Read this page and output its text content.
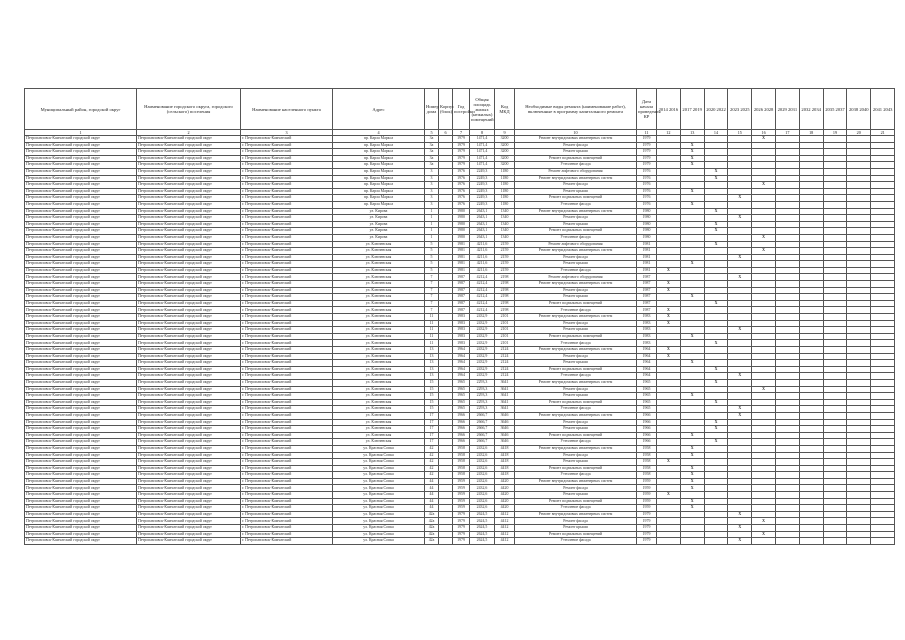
Муниципальный район, городской округ	Наименование городского округа, городского (сельского) поселения	Наименование населенного пункта	Адрес	Номер дома	Корпус (блок)	Год постройки	Общая площадь жилых (нежилых) помещений	Код МКД	Необходимые виды ремонта (наименование работ), включенные в программу капитального ремонта	Дата начала проведения КР	2014 2016	2017 2019	2020 2022	2023 2025	2026 2028	2029 2031	2032 2034	2035 2037	2038 2040	2041 2043
1	2	3	4	5	6	7	8	9	10	11	12	13	14	15	16	17	18	19	20	21
Петропавловск-Камчатский городской округ	Петропавловск-Камчатский городской округ	г. Петропавловск-Камчатский	пр. Карла Маркса	3а		1979	1471,4	3200	Ремонт внутридомовых инженерных систем	1979					X					
Петропавловск-Камчатский городской округ	Петропавловск-Камчатский городской округ	г. Петропавловск-Камчатский	пр. Карла Маркса	3а		1979	1471,4	3200	Ремонт фасада	1979		X								
Петропавловск-Камчатский городской округ	Петропавловск-Камчатский городской округ	г. Петропавловск-Камчатский	пр. Карла Маркса	3а		1979	1471,4	3200	Ремонт крыши	1979		X								
Петропавловск-Камчатский городской округ	Петропавловск-Камчатский городской округ	г. Петропавловск-Камчатский	пр. Карла Маркса	3а		1979	1471,4	3200	Ремонт подвальных помещений	1979		X								
Петропавловск-Камчатский городской округ	Петропавловск-Камчатский городской округ	г. Петропавловск-Камчатский	пр. Карла Маркса	3а		1979	1471,4	3200	Утепление фасада	1979		X								
Петропавловск-Камчатский городской округ	Петропавловск-Камчатский городской округ	г. Петропавловск-Камчатский	пр. Карла Маркса	3		1976	2249,3	1180	Ремонт лифтового оборудования	1976			X							
Петропавловск-Камчатский городской округ	Петропавловск-Камчатский городской округ	г. Петропавловск-Камчатский	пр. Карла Маркса	3		1976	2249,3	1180	Ремонт внутридомовых инженерных систем	1976			X							
Петропавловск-Камчатский городской округ	Петропавловск-Камчатский городской округ	г. Петропавловск-Камчатский	пр. Карла Маркса	3		1976	2249,3	1180	Ремонт фасада	1976					X					
Петропавловск-Камчатский городской округ	Петропавловск-Камчатский городской округ	г. Петропавловск-Камчатский	пр. Карла Маркса	3		1976	2249,3	1180	Ремонт крыши	1976		X								
Петропавловск-Камчатский городской округ	Петропавловск-Камчатский городской округ	г. Петропавловск-Камчатский	пр. Карла Маркса	3		1976	2249,3	1180	Ремонт подвальных помещений	1976				X						
Петропавловск-Камчатский городской округ	Петропавловск-Камчатский городской округ	г. Петропавловск-Камчатский	пр. Карла Маркса	3		1976	2249,3	1180	Утепление фасада	1976		X								
Петропавловск-Камчатский городской округ	Петропавловск-Камчатский городской округ	г. Петропавловск-Камчатский	ул. Кирова	1		1980	2643,1	1340	Ремонт внутридомовых инженерных систем	1980			X							
Петропавловск-Камчатский городской округ	Петропавловск-Камчатский городской округ	г. Петропавловск-Камчатский	ул. Кирова	1		1980	2643,1	1340	Ремонт фасада	1980				X						
Петропавловск-Камчатский городской округ	Петропавловск-Камчатский городской округ	г. Петропавловск-Камчатский	ул. Кирова	1		1980	2643,1	1340	Ремонт крыши	1980			X							
Петропавловск-Камчатский городской округ	Петропавловск-Камчатский городской округ	г. Петропавловск-Камчатский	ул. Кирова	1		1980	2643,1	1340	Ремонт подвальных помещений	1980			X							
Петропавловск-Камчатский городской округ	Петропавловск-Камчатский городской округ	г. Петропавловск-Камчатский	ул. Кирова	1		1980	2643,1	1340	Утепление фасада	1980					X					
Петропавловск-Камчатский городской округ	Петропавловск-Камчатский городской округ	г. Петропавловск-Камчатский	ул. Ключевская	5		1981	4211,6	2159	Ремонт лифтового оборудования	1981			X							
Петропавловск-Камчатский городской округ	Петропавловск-Камчатский городской округ	г. Петропавловск-Камчатский	ул. Ключевская	5		1981	4211,6	2159	Ремонт внутридомовых инженерных систем	1981					X					
Петропавловск-Камчатский городской округ	Петропавловск-Камчатский городской округ	г. Петропавловск-Камчатский	ул. Ключевская	5		1981	4211,6	2159	Ремонт фасада	1981				X						
Петропавловск-Камчатский городской округ	Петропавловск-Камчатский городской округ	г. Петропавловск-Камчатский	ул. Ключевская	5		1981	4211,6	2159	Ремонт крыши	1981		X								
Петропавловск-Камчатский городской округ	Петропавловск-Камчатский городской округ	г. Петропавловск-Камчатский	ул. Ключевская	5		1981	4211,6	2159	Утепление фасада	1981	X									
Петропавловск-Камчатский городской округ	Петропавловск-Камчатский городской округ	г. Петропавловск-Камчатский	ул. Ключевская	7		1987	4212,4	2198	Ремонт лифтового оборудования	1987				X						
Петропавловск-Камчатский городской округ	Петропавловск-Камчатский городской округ	г. Петропавловск-Камчатский	ул. Ключевская	7		1987	4212,4	2198	Ремонт внутридомовых инженерных систем	1987	X									
Петропавловск-Камчатский городской округ	Петропавловск-Камчатский городской округ	г. Петропавловск-Камчатский	ул. Ключевская	7		1987	4212,4	2198	Ремонт фасада	1987	X									
Петропавловск-Камчатский городской округ	Петропавловск-Камчатский городской округ	г. Петропавловск-Камчатский	ул. Ключевская	7		1987	4212,4	2198	Ремонт крыши	1987		X								
Петропавловск-Камчатский городской округ	Петропавловск-Камчатский городской округ	г. Петропавловск-Камчатский	ул. Ключевская	7		1987	4212,4	2198	Ремонт подвальных помещений	1987			X							
Петропавловск-Камчатский городской округ	Петропавловск-Камчатский городской округ	г. Петропавловск-Камчатский	ул. Ключевская	7		1987	4212,4	2198	Утепление фасада	1987	X									
Петропавловск-Камчатский городской округ	Петропавловск-Камчатский городской округ	г. Петропавловск-Камчатский	ул. Ключевская	11		1983	2432,9	2101	Ремонт внутридомовых инженерных систем	1983	X									
Петропавловск-Камчатский городской округ	Петропавловск-Камчатский городской округ	г. Петропавловск-Камчатский	ул. Ключевская	11		1983	2432,9	2101	Ремонт фасада	1983	X									
Петропавловск-Камчатский городской округ	Петропавловск-Камчатский городской округ	г. Петропавловск-Камчатский	ул. Ключевская	11		1983	2432,9	2101	Ремонт крыши	1983				X						
Петропавловск-Камчатский городской округ	Петропавловск-Камчатский городской округ	г. Петропавловск-Камчатский	ул. Ключевская	11		1983	2432,9	2101	Ремонт подвальных помещений	1983		X								
Петропавловск-Камчатский городской округ	Петропавловск-Камчатский городской округ	г. Петропавловск-Камчатский	ул. Ключевская	11		1983	2432,9	2101	Утепление фасада	1983			X							
Петропавловск-Камчатский городской округ	Петропавловск-Камчатский городской округ	г. Петропавловск-Камчатский	ул. Ключевская	13		1964	2432,9	2124	Ремонт внутридомовых инженерных систем	1964	X									
Петропавловск-Камчатский городской округ	Петропавловск-Камчатский городской округ	г. Петропавловск-Камчатский	ул. Ключевская	13		1964	2432,9	2124	Ремонт фасада	1964	X									
Петропавловск-Камчатский городской округ	Петропавловск-Камчатский городской округ	г. Петропавловск-Камчатский	ул. Ключевская	13		1964	2432,9	2124	Ремонт крыши	1964		X								
Петропавловск-Камчатский городской округ	Петропавловск-Камчатский городской округ	г. Петропавловск-Камчатский	ул. Ключевская	13		1964	2432,9	2124	Ремонт подвальных помещений	1964			X							
Петропавловск-Камчатский городской округ	Петропавловск-Камчатский городской округ	г. Петропавловск-Камчатский	ул. Ключевская	13		1964	2432,9	2124	Утепление фасада	1964				X						
Петропавловск-Камчатский городской округ	Петропавловск-Камчатский городской округ	г. Петропавловск-Камчатский	ул. Ключевская	15		1965	2293,3	3641	Ремонт внутридомовых инженерных систем	1965			X							
Петропавловск-Камчатский городской округ	Петропавловск-Камчатский городской округ	г. Петропавловск-Камчатский	ул. Ключевская	15		1965	2293,3	3641	Ремонт фасада	1965					X					
Петропавловск-Камчатский городской округ	Петропавловск-Камчатский городской округ	г. Петропавловск-Камчатский	ул. Ключевская	15		1965	2293,3	3641	Ремонт крыши	1965		X								
Петропавловск-Камчатский городской округ	Петропавловск-Камчатский городской округ	г. Петропавловск-Камчатский	ул. Ключевская	15		1965	2293,3	3641	Ремонт подвальных помещений	1965			X							
Петропавловск-Камчатский городской округ	Петропавловск-Камчатский городской округ	г. Петропавловск-Камчатский	ул. Ключевская	15		1965	2293,3	3641	Утепление фасада	1965				X						
Петропавловск-Камчатский городской округ	Петропавловск-Камчатский городской округ	г. Петропавловск-Камчатский	ул. Ключевская	17		1966	2666,7	3646	Ремонт внутридомовых инженерных систем	1966				X						
Петропавловск-Камчатский городской округ	Петропавловск-Камчатский городской округ	г. Петропавловск-Камчатский	ул. Ключевская	17		1966	2666,7	3646	Ремонт фасада	1966			X							
Петропавловск-Камчатский городской округ	Петропавловск-Камчатский городской округ	г. Петропавловск-Камчатский	ул. Ключевская	17		1966	2666,7	3646	Ремонт крыши	1966			X							
Петропавловск-Камчатский городской округ	Петропавловск-Камчатский городской округ	г. Петропавловск-Камчатский	ул. Ключевская	17		1966	2666,7	3646	Ремонт подвальных помещений	1966		X								
Петропавловск-Камчатский городской округ	Петропавловск-Камчатский городской округ	г. Петропавловск-Камчатский	ул. Ключевская	17		1966	2666,7	3646	Утепление фасада	1966			X							
Петропавловск-Камчатский городской округ	Петропавловск-Камчатский городской округ	г. Петропавловск-Камчатский	ул. Красная Сопка	42		1958	2432,6	4418	Ремонт внутридомовых инженерных систем	1958		X								
Петропавловск-Камчатский городской округ	Петропавловск-Камчатский городской округ	г. Петропавловск-Камчатский	ул. Красная Сопка	42		1958	2432,6	4418	Ремонт фасада	1958		X								
Петропавловск-Камчатский городской округ	Петропавловск-Камчатский городской округ	г. Петропавловск-Камчатский	ул. Красная Сопка	42		1958	2432,6	4418	Ремонт крыши	1958	X									
Петропавловск-Камчатский городской округ	Петропавловск-Камчатский городской округ	г. Петропавловск-Камчатский	ул. Красная Сопка	42		1958	2432,6	4418	Ремонт подвальных помещений	1958		X								
Петропавловск-Камчатский городской округ	Петропавловск-Камчатский городской округ	г. Петропавловск-Камчатский	ул. Красная Сопка	42		1958	2432,6	4418	Утепление фасада	1958		X								
Петропавловск-Камчатский городской округ	Петропавловск-Камчатский городской округ	г. Петропавловск-Камчатский	ул. Красная Сопка	44		1959	2432,6	4420	Ремонт внутридомовых инженерных систем	1959		X								
Петропавловск-Камчатский городской округ	Петропавловск-Камчатский городской округ	г. Петропавловск-Камчатский	ул. Красная Сопка	44		1959	2432,6	4420	Ремонт фасада	1959		X								
Петропавловск-Камчатский городской округ	Петропавловск-Камчатский городской округ	г. Петропавловск-Камчатский	ул. Красная Сопка	44		1959	2432,6	4420	Ремонт крыши	1959	X									
Петропавловск-Камчатский городской округ	Петропавловск-Камчатский городской округ	г. Петропавловск-Камчатский	ул. Красная Сопка	44		1959	2432,6	4420	Ремонт подвальных помещений	1959		X								
Петропавловск-Камчатский городской округ	Петропавловск-Камчатский городской округ	г. Петропавловск-Камчатский	ул. Красная Сопка	44		1959	2432,6	4420	Утепление фасада	1959		X								
Петропавловск-Камчатский городской округ	Петропавловск-Камчатский городской округ	г. Петропавловск-Камчатский	ул. Красная Сопка	42а		1979	2624,5	4412	Ремонт внутридомовых инженерных систем	1979				X						
Петропавловск-Камчатский городской округ	Петропавловск-Камчатский городской округ	г. Петропавловск-Камчатский	ул. Красная Сопка	42а		1979	2624,5	4412	Ремонт фасада	1979					X					
Петропавловск-Камчатский городской округ	Петропавловск-Камчатский городской округ	г. Петропавловск-Камчатский	ул. Красная Сопка	42а		1979	2624,5	4412	Ремонт крыши	1979				X						
Петропавловск-Камчатский городской округ	Петропавловск-Камчатский городской округ	г. Петропавловск-Камчатский	ул. Красная Сопка	42а		1979	2624,5	4412	Ремонт подвальных помещений	1979					X					
Петропавловск-Камчатский городской округ	Петропавловск-Камчатский городской округ	г. Петропавловск-Камчатский	ул. Красная Сопка	42а		1979	2624,5	4412	Утепление фасада	1979				X						
